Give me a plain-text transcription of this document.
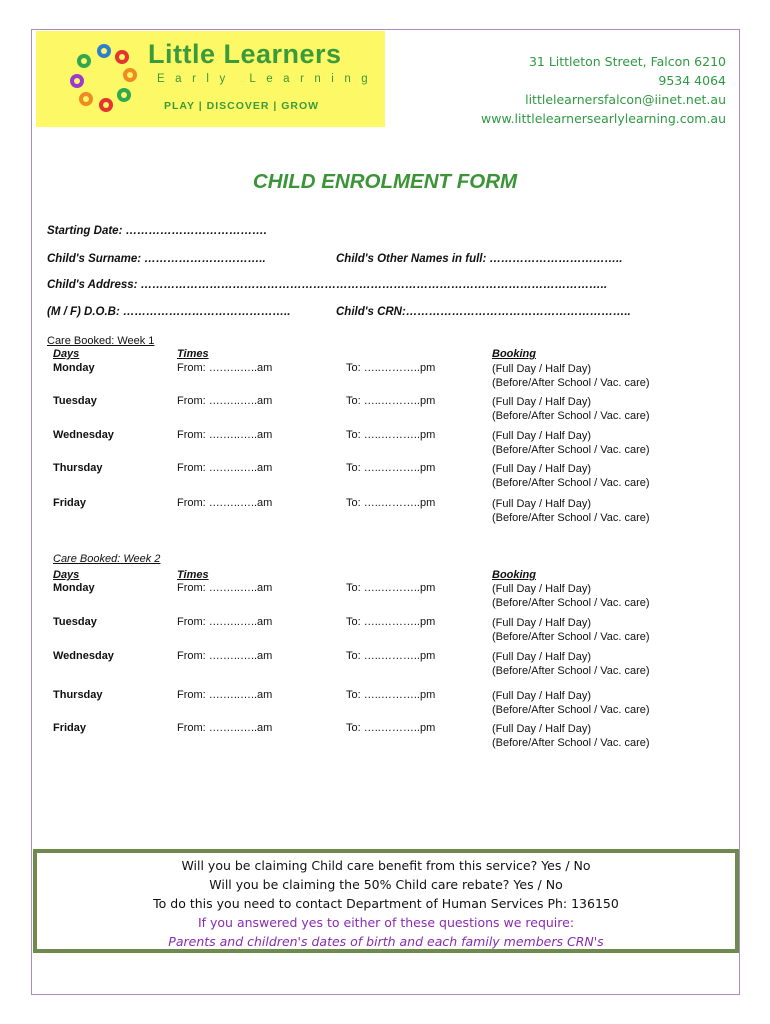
Little Learners
Early Learning
PLAY | DISCOVER | GROW
31 Littleton Street, Falcon 6210
9534 4064
littlelearnersfalcon@iinet.net.au
www.littlelearnersearlylearning.com.au
CHILD ENROLMENT FORM
Starting Date: ……………………………….
Child's Surname: …………………………..	Child's Other Names in full: ……………………………..
Child's Address: …………………………………………………………………………………………………………..
(M / F) D.O.B: ……………………………………..	Child's CRN:…………………………………………………..
Care Booked: Week 1
Days	Times	Booking
Monday	From: ….…..…..am	To: …..………..pm	(Full Day / Half Day)
(Before/After School / Vac. care)
Tuesday	From: ….…..…..am	To: …..………..pm	(Full Day / Half Day)
(Before/After School / Vac. care)
Wednesday	From: ….…..…..am	To: …..………..pm	(Full Day / Half Day)
(Before/After School / Vac. care)
Thursday	From: ….…..…..am	To: …..………..pm	(Full Day / Half Day)
(Before/After School / Vac. care)
Friday	From: ….…..…..am	To: …..………..pm	(Full Day / Half Day)
(Before/After School / Vac. care)
Care Booked: Week 2
Days	Times	Booking
Monday	From: ….…..…..am	To: …..………..pm	(Full Day / Half Day)
(Before/After School / Vac. care)
Tuesday	From: ….…..…..am	To: …..………..pm	(Full Day / Half Day)
(Before/After School / Vac. care)
Wednesday	From: ….…..…..am	To: …..………..pm	(Full Day / Half Day)
(Before/After School / Vac. care)
Thursday	From: ….…..…..am	To: …..………..pm	(Full Day / Half Day)
(Before/After School / Vac. care)
Friday	From: ….…..…..am	To: …..………..pm	(Full Day / Half Day)
(Before/After School / Vac. care)
Will you be claiming Child care benefit from this service? Yes / No
Will you be claiming the 50% Child care rebate? Yes / No
To do this you need to contact Department of Human Services Ph: 136150
If you answered yes to either of these questions we require:
Parents and children's dates of birth and each family members CRN's
